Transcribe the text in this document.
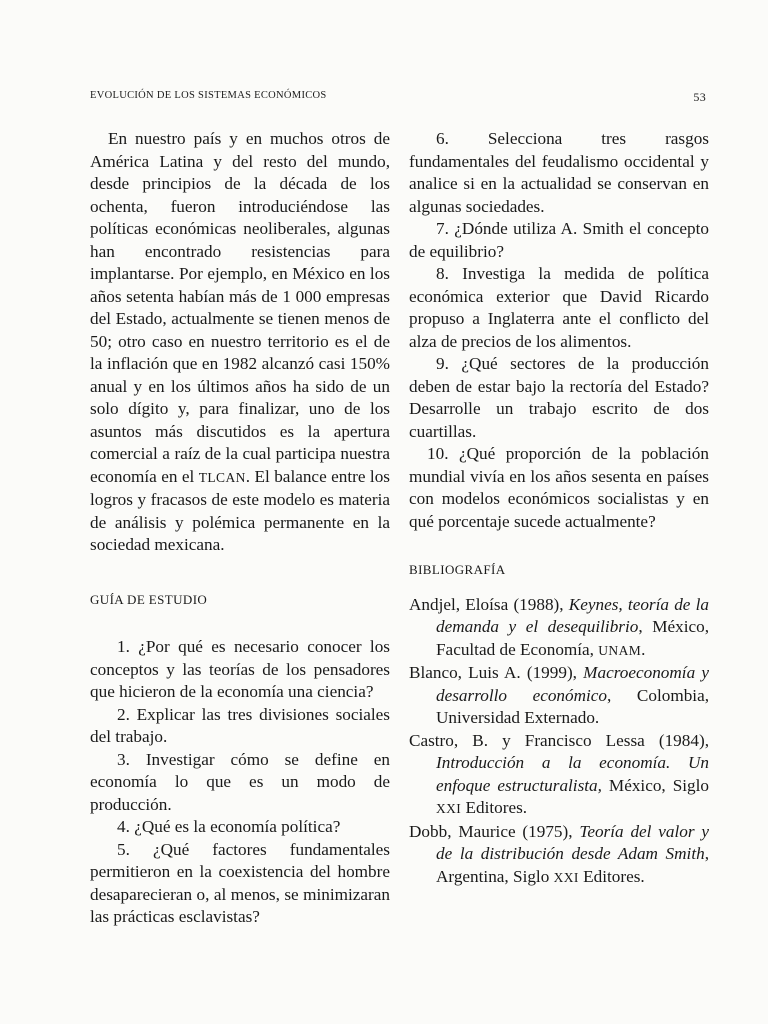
EVOLUCIÓN DE LOS SISTEMAS ECONÓMICOS	53

En nuestro país y en muchos otros de América Latina y del resto del mundo, desde principios de la década de los ochenta, fueron introduciéndose las políticas económicas neoliberales, algunas han encontrado resistencias para implantarse. Por ejemplo, en México en los años setenta habían más de 1 000 empresas del Estado, actualmente se tienen menos de 50; otro caso en nuestro territorio es el de la inflación que en 1982 alcanzó casi 150% anual y en los últimos años ha sido de un solo dígito y, para finalizar, uno de los asuntos más discutidos es la apertura comercial a raíz de la cual participa nuestra economía en el TLCAN. El balance entre los logros y fracasos de este modelo es materia de análisis y polémica permanente en la sociedad mexicana.

GUÍA DE ESTUDIO

1. ¿Por qué es necesario conocer los conceptos y las teorías de los pensadores que hicieron de la economía una ciencia?

2. Explicar las tres divisiones sociales del trabajo.

3. Investigar cómo se define en economía lo que es un modo de producción.

4. ¿Qué es la economía política?

5. ¿Qué factores fundamentales permitieron en la coexistencia del hombre desaparecieran o, al menos, se minimizaran las prácticas esclavistas?

6. Selecciona tres rasgos fundamentales del feudalismo occidental y analice si en la actualidad se conservan en algunas sociedades.

7. ¿Dónde utiliza A. Smith el concepto de equilibrio?

8. Investiga la medida de política económica exterior que David Ricardo propuso a Inglaterra ante el conflicto del alza de precios de los alimentos.

9. ¿Qué sectores de la producción deben de estar bajo la rectoría del Estado? Desarrolle un trabajo escrito de dos cuartillas.

10. ¿Qué proporción de la población mundial vivía en los años sesenta en países con modelos económicos socialistas y en qué porcentaje sucede actualmente?

BIBLIOGRAFÍA

Andjel, Eloísa (1988), Keynes, teoría de la demanda y el desequilibrio, México, Facultad de Economía, UNAM.

Blanco, Luis A. (1999), Macroeconomía y desarrollo económico, Colombia, Universidad Externado.

Castro, B. y Francisco Lessa (1984), Introducción a la economía. Un enfoque estructuralista, México, Siglo XXI Editores.

Dobb, Maurice (1975), Teoría del valor y de la distribución desde Adam Smith, Argentina, Siglo XXI Editores.
